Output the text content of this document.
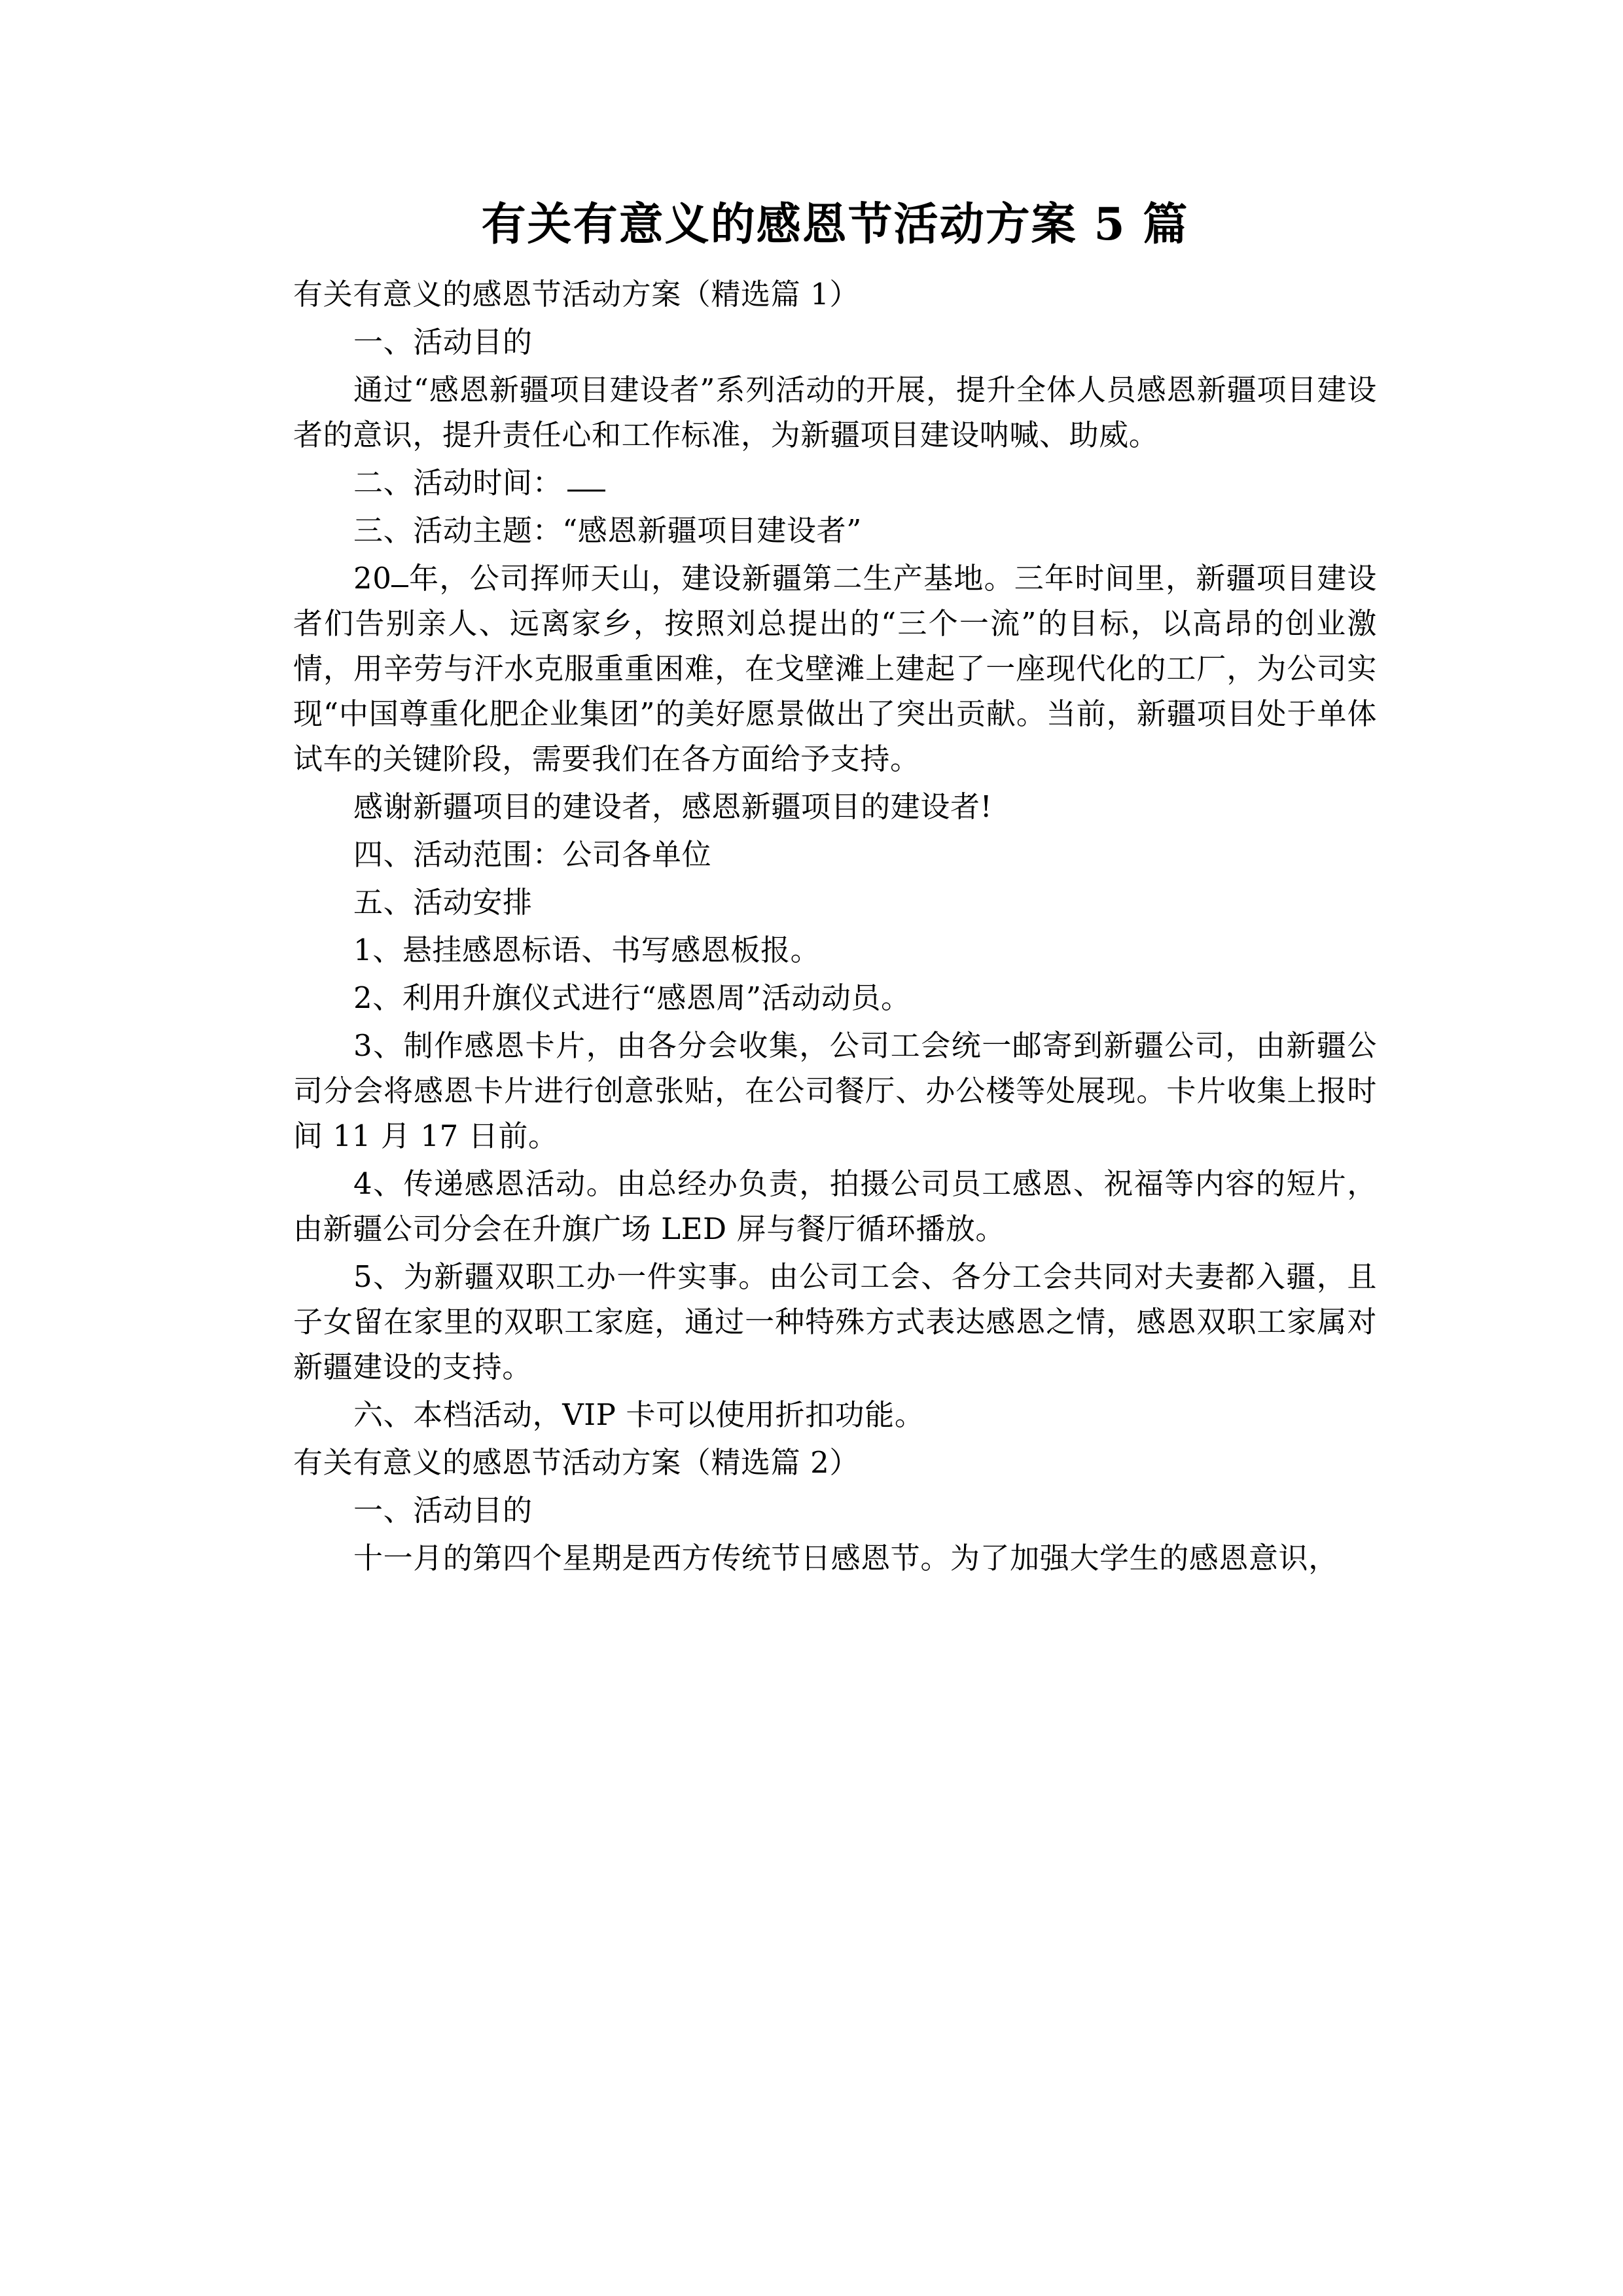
有关有意义的感恩节活动方案 5 篇

有关有意义的感恩节活动方案（精选篇 1）

一、活动目的

通过“感恩新疆项目建设者”系列活动的开展，提升全体人员感恩新疆项目建设者的意识，提升责任心和工作标准，为新疆项目建设呐喊、助威。

二、活动时间：

三、活动主题：“感恩新疆项目建设者”

20 年，公司挥师天山，建设新疆第二生产基地。三年时间里，新疆项目建设者们告别亲人、远离家乡，按照刘总提出的“三个一流”的目标，以高昂的创业激情，用辛劳与汗水克服重重困难，在戈壁滩上建起了一座现代化的工厂，为公司实现“中国尊重化肥企业集团”的美好愿景做出了突出贡献。当前，新疆项目处于单体试车的关键阶段，需要我们在各方面给予支持。

感谢新疆项目的建设者，感恩新疆项目的建设者!

四、活动范围：公司各单位

五、活动安排

1、悬挂感恩标语、书写感恩板报。

2、利用升旗仪式进行“感恩周”活动动员。

3、制作感恩卡片，由各分会收集，公司工会统一邮寄到新疆公司，由新疆公司分会将感恩卡片进行创意张贴，在公司餐厅、办公楼等处展现。卡片收集上报时间 11 月 17 日前。

4、传递感恩活动。由总经办负责，拍摄公司员工感恩、祝福等内容的短片，由新疆公司分会在升旗广场 LED 屏与餐厅循环播放。

5、为新疆双职工办一件实事。由公司工会、各分工会共同对夫妻都入疆，且子女留在家里的双职工家庭，通过一种特殊方式表达感恩之情，感恩双职工家属对新疆建设的支持。

六、本档活动，VIP 卡可以使用折扣功能。

有关有意义的感恩节活动方案（精选篇 2）

一、活动目的

十一月的第四个星期是西方传统节日感恩节。为了加强大学生的感恩意识，
